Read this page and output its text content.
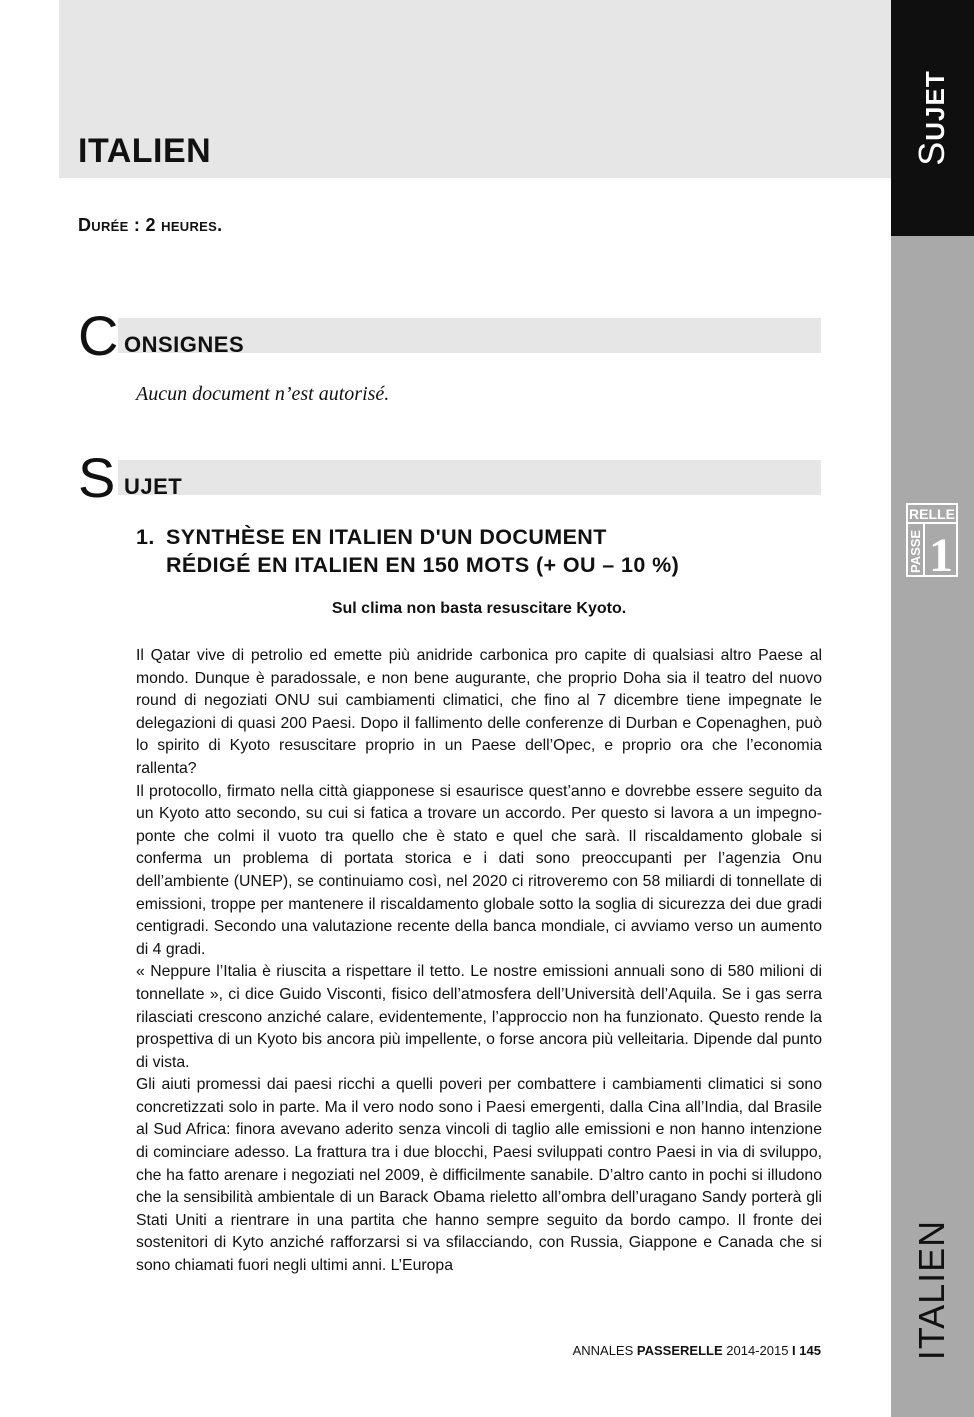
ITALIEN
Durée : 2 heures.
SUJET
RELLE
PASSE 1
ITALIEN
C ONSIGNES
Aucun document n’est autorisé.
S UJET
1. SYNTHÈSE EN ITALIEN D'UN DOCUMENT
RÉDIGÉ EN ITALIEN EN 150 MOTS (+ OU – 10 %)
Sul clima non basta resuscitare Kyoto.

Il Qatar vive di petrolio ed emette più anidride carbonica pro capite di qualsiasi altro Paese al mondo. Dunque è paradossale, e non bene augurante, che proprio Doha sia il teatro del nuovo round di negoziati ONU sui cambiamenti climatici, che fino al 7 dicembre tiene impegnate le delegazioni di quasi 200 Paesi. Dopo il fallimento delle conferenze di Durban e Copenaghen, può lo spirito di Kyoto resuscitare proprio in un Paese dell’Opec, e proprio ora che l’economia rallenta?

Il protocollo, firmato nella città giapponese si esaurisce quest’anno e dovrebbe essere seguito da un Kyoto atto secondo, su cui si fatica a trovare un accordo. Per questo si lavora a un impegno-ponte che colmi il vuoto tra quello che è stato e quel che sarà. Il riscaldamento globale si conferma un problema di portata storica e i dati sono preoccupanti per l’agenzia Onu dell’ambiente (UNEP), se continuiamo così, nel 2020 ci ritroveremo con 58 miliardi di tonnellate di emissioni, troppe per mantenere il riscaldamento globale sotto la soglia di sicurezza dei due gradi centigradi. Secondo una valutazione recente della banca mondiale, ci avviamo verso un aumento di 4 gradi.

« Neppure l’Italia è riuscita a rispettare il tetto. Le nostre emissioni annuali sono di 580 milioni di tonnellate », ci dice Guido Visconti, fisico dell’atmosfera dell’Università dell’Aquila. Se i gas serra rilasciati crescono anziché calare, evidentemente, l’approccio non ha funzionato. Questo rende la prospettiva di un Kyoto bis ancora più impellente, o forse ancora più velleitaria. Dipende dal punto di vista.

Gli aiuti promessi dai paesi ricchi a quelli poveri per combattere i cambiamenti climatici si sono concretizzati solo in parte. Ma il vero nodo sono i Paesi emergenti, dalla Cina all’India, dal Brasile al Sud Africa: finora avevano aderito senza vincoli di taglio alle emissioni e non hanno intenzione di cominciare adesso. La frattura tra i due blocchi, Paesi sviluppati contro Paesi in via di sviluppo, che ha fatto arenare i negoziati nel 2009, è difficilmente sanabile. D’altro canto in pochi si illudono che la sensibilità ambientale di un Barack Obama rieletto all’ombra dell’uragano Sandy porterà gli Stati Uniti a rientrare in una partita che hanno sempre seguito da bordo campo. Il fronte dei sostenitori di Kyto anziché rafforzarsi si va sfilacciando, con Russia, Giappone e Canada che si sono chiamati fuori negli ultimi anni. L’Europa

ANNALES PASSERELLE 2014-2015 I 145
